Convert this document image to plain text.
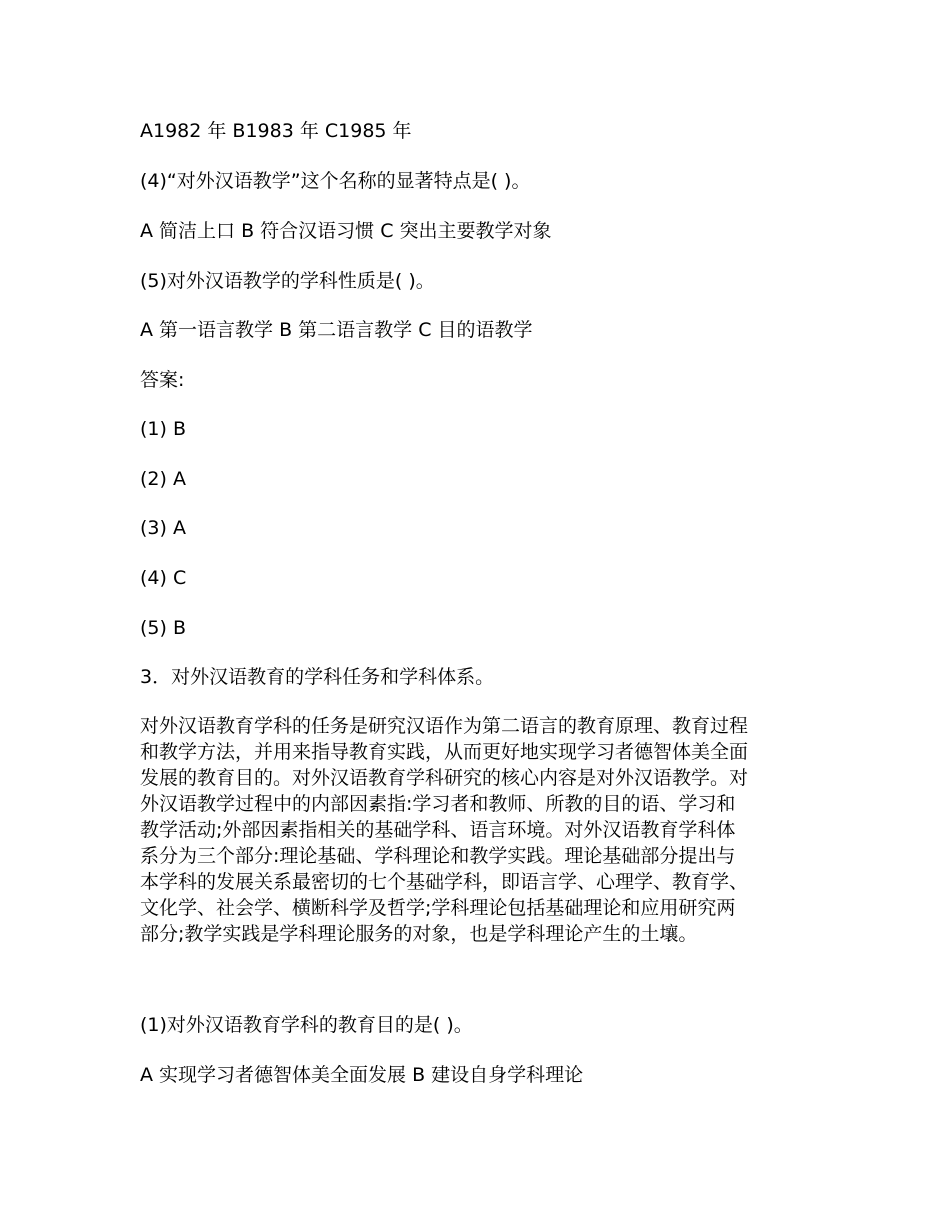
A1982 年 B1983 年 C1985 年
(4)“对外汉语教学”这个名称的显著特点是( )。
A 简洁上口 B 符合汉语习惯 C 突出主要教学对象
(5)对外汉语教学的学科性质是( )。
A 第一语言教学 B 第二语言教学 C 目的语教学
答案:
(1) B
(2) A
(3) A
(4) C
(5) B
3．对外汉语教育的学科任务和学科体系。
对外汉语教育学科的任务是研究汉语作为第二语言的教育原理、教育过程
和教学方法，并用来指导教育实践，从而更好地实现学习者德智体美全面
发展的教育目的。对外汉语教育学科研究的核心内容是对外汉语教学。对
外汉语教学过程中的内部因素指:学习者和教师、所教的目的语、学习和
教学活动;外部因素指相关的基础学科、语言环境。对外汉语教育学科体
系分为三个部分:理论基础、学科理论和教学实践。理论基础部分提出与
本学科的发展关系最密切的七个基础学科，即语言学、心理学、教育学、
文化学、社会学、横断科学及哲学;学科理论包括基础理论和应用研究两
部分;教学实践是学科理论服务的对象，也是学科理论产生的土壤。
(1)对外汉语教育学科的教育目的是( )。
A 实现学习者德智体美全面发展 B 建设自身学科理论
